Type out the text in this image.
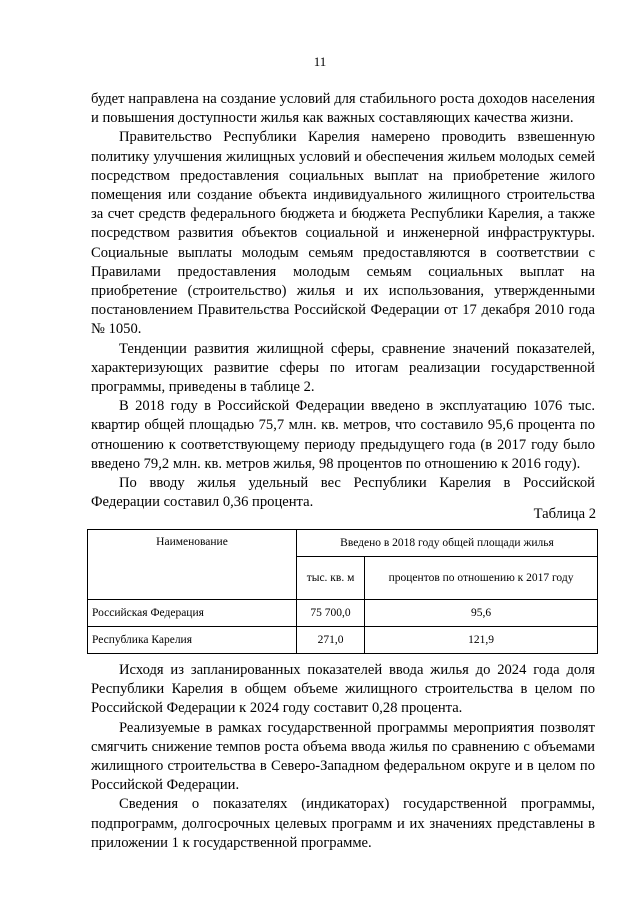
11

будет направлена на создание условий для стабильного роста доходов населения и повышения доступности жилья как важных составляющих качества жизни.

Правительство Республики Карелия намерено проводить взвешенную политику улучшения жилищных условий и обеспечения жильем молодых семей посредством предоставления социальных выплат на приобретение жилого помещения или создание объекта индивидуального жилищного строительства за счет средств федерального бюджета и бюджета Республики Карелия, а также посредством развития объектов социальной и инженерной инфраструктуры. Социальные выплаты молодым семьям предоставляются в соответствии с Правилами предоставления молодым семьям социальных выплат на приобретение (строительство) жилья и их использования, утвержденными постановлением Правительства Российской Федерации от 17 декабря 2010 года № 1050.

Тенденции развития жилищной сферы, сравнение значений показателей, характеризующих развитие сферы по итогам реализации государственной программы, приведены в таблице 2.

В 2018 году в Российской Федерации введено в эксплуатацию 1076 тыс. квартир общей площадью 75,7 млн. кв. метров, что составило 95,6 процента по отношению к соответствующему периоду предыдущего года (в 2017 году было введено 79,2 млн. кв. метров жилья, 98 процентов по отношению к 2016 году).

По вводу жилья удельный вес Республики Карелия в Российской Федерации составил 0,36 процента.

Таблица 2
Наименование	Введено в 2018 году общей площади жилья	
	тыс. кв. м	процентов по отношению к 2017 году
Российская Федерация	75 700,0	95,6
Республика Карелия	271,0	121,9

Исходя из запланированных показателей ввода жилья до 2024 года доля Республики Карелия в общем объеме жилищного строительства в целом по Российской Федерации к 2024 году составит 0,28 процента.

Реализуемые в рамках государственной программы мероприятия позволят смягчить снижение темпов роста объема ввода жилья по сравнению с объемами жилищного строительства в Северо-Западном федеральном округе и в целом по Российской Федерации.

Сведения о показателях (индикаторах) государственной программы, подпрограмм, долгосрочных целевых программ и их значениях представлены в приложении 1 к государственной программе.
